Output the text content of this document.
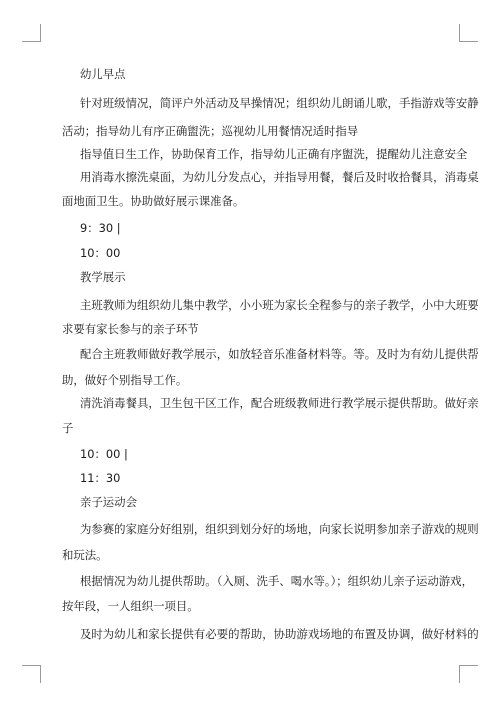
幼儿早点
针对班级情况，简评户外活动及早操情况；组织幼儿朗诵儿歌，手指游戏等安静
活动；指导幼儿有序正确盥洗；巡视幼儿用餐情况适时指导
指导值日生工作，协助保育工作，指导幼儿正确有序盥洗，提醒幼儿注意安全
用消毒水擦洗桌面，为幼儿分发点心，并指导用餐，餐后及时收拾餐具，消毒桌
面地面卫生。协助做好展示课准备。
9：30 |
10：00
教学展示
主班教师为组织幼儿集中教学，小小班为家长全程参与的亲子教学，小中大班要
求要有家长参与的亲子环节
配合主班教师做好教学展示，如放轻音乐准备材料等。等。及时为有幼儿提供帮
助，做好个别指导工作。
清洗消毒餐具，卫生包干区工作，配合班级教师进行教学展示提供帮助。做好亲
子
10：00 |
11：30
亲子运动会
为参赛的家庭分好组别，组织到划分好的场地，向家长说明参加亲子游戏的规则
和玩法。
根据情况为幼儿提供帮助。（入厕、洗手、喝水等。）；组织幼儿亲子运动游戏，
按年段，一人组织一项目。
及时为幼儿和家长提供有必要的帮助，协助游戏场地的布置及协调，做好材料的
